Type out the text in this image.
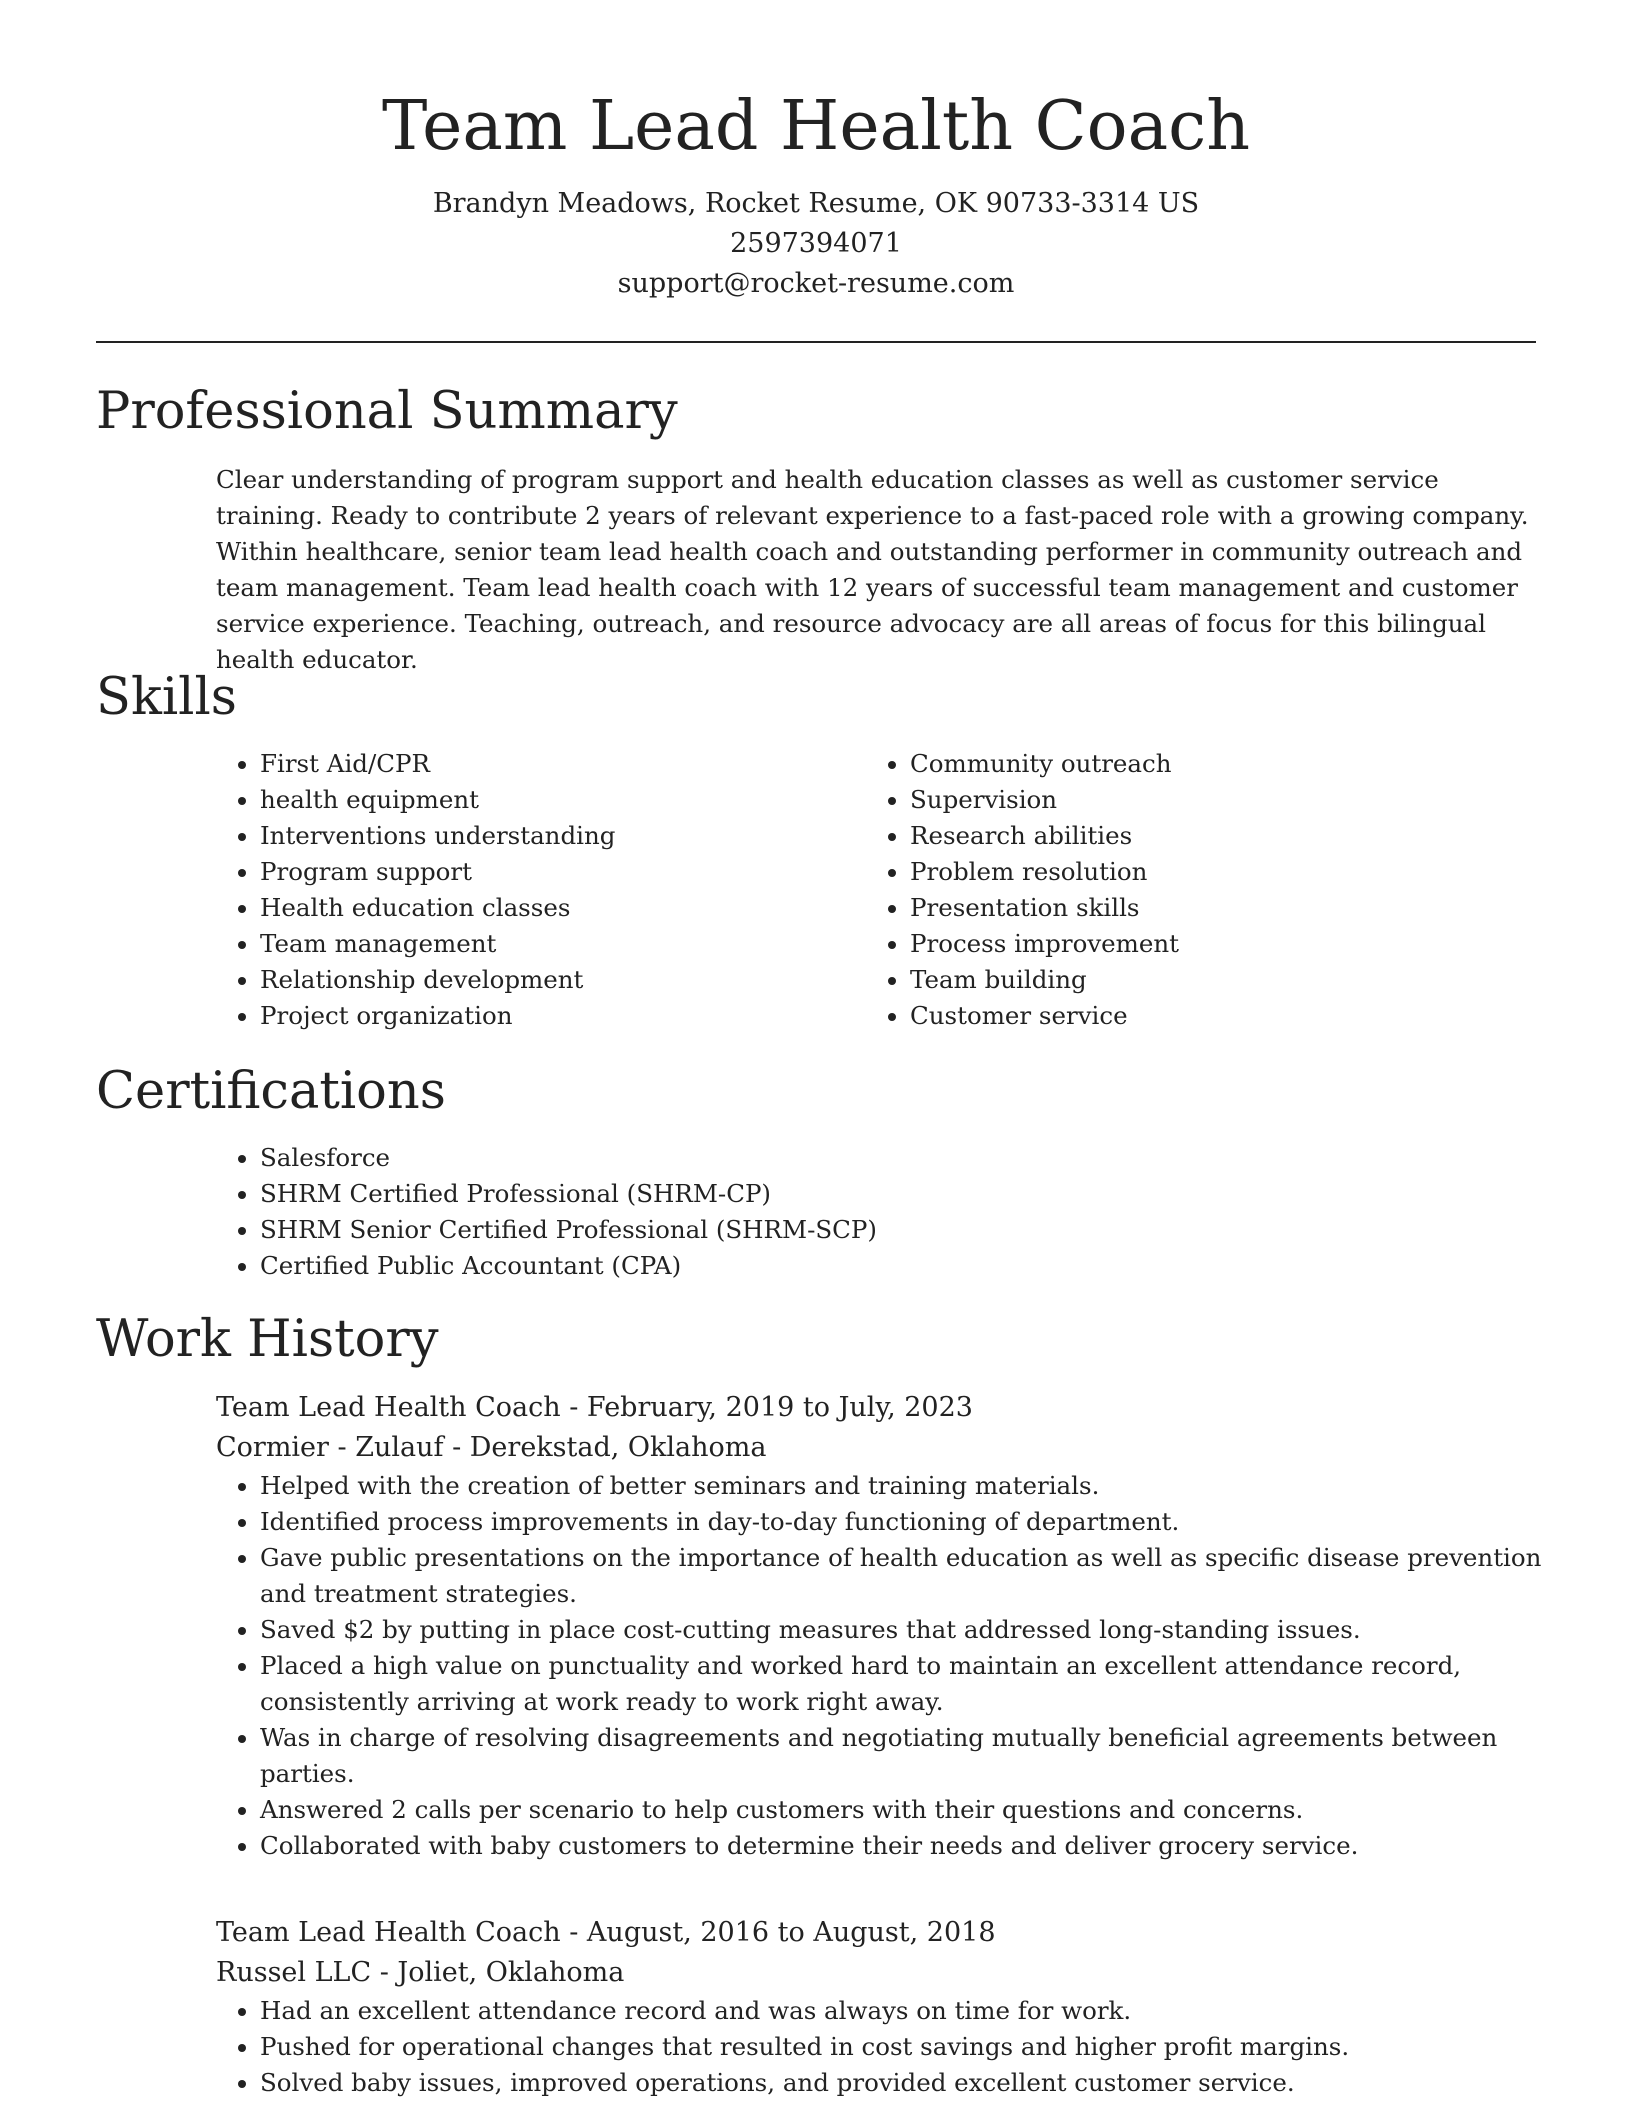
Team Lead Health Coach

Brandyn Meadows, Rocket Resume, OK 90733-3314 US

2597394071

support@rocket-resume.com

Professional Summary

Clear understanding of program support and health education classes as well as customer service training. Ready to contribute 2 years of relevant experience to a fast-paced role with a growing company. Within healthcare, senior team lead health coach and outstanding performer in community outreach and team management. Team lead health coach with 12 years of successful team management and customer service experience. Teaching, outreach, and resource advocacy are all areas of focus for this bilingual health educator.

Skills
• First Aid/CPR
• health equipment
• Interventions understanding
• Program support
• Health education classes
• Team management
• Relationship development
• Project organization
• Community outreach
• Supervision
• Research abilities
• Problem resolution
• Presentation skills
• Process improvement
• Team building
• Customer service
Certifications
• Salesforce
• SHRM Certified Professional (SHRM-CP)
• SHRM Senior Certified Professional (SHRM-SCP)
• Certified Public Accountant (CPA)
Work History

Team Lead Health Coach - February, 2019 to July, 2023

Cormier - Zulauf - Derekstad, Oklahoma

• Helped with the creation of better seminars and training materials.
• Identified process improvements in day-to-day functioning of department.
• Gave public presentations on the importance of health education as well as specific disease prevention and treatment strategies.
• Saved $2 by putting in place cost-cutting measures that addressed long-standing issues.
• Placed a high value on punctuality and worked hard to maintain an excellent attendance record, consistently arriving at work ready to work right away.
• Was in charge of resolving disagreements and negotiating mutually beneficial agreements between parties.
• Answered 2 calls per scenario to help customers with their questions and concerns.
• Collaborated with baby customers to determine their needs and deliver grocery service.

Team Lead Health Coach - August, 2016 to August, 2018

Russel LLC - Joliet, Oklahoma

• Had an excellent attendance record and was always on time for work.
• Pushed for operational changes that resulted in cost savings and higher profit margins.
• Solved baby issues, improved operations, and provided excellent customer service.
